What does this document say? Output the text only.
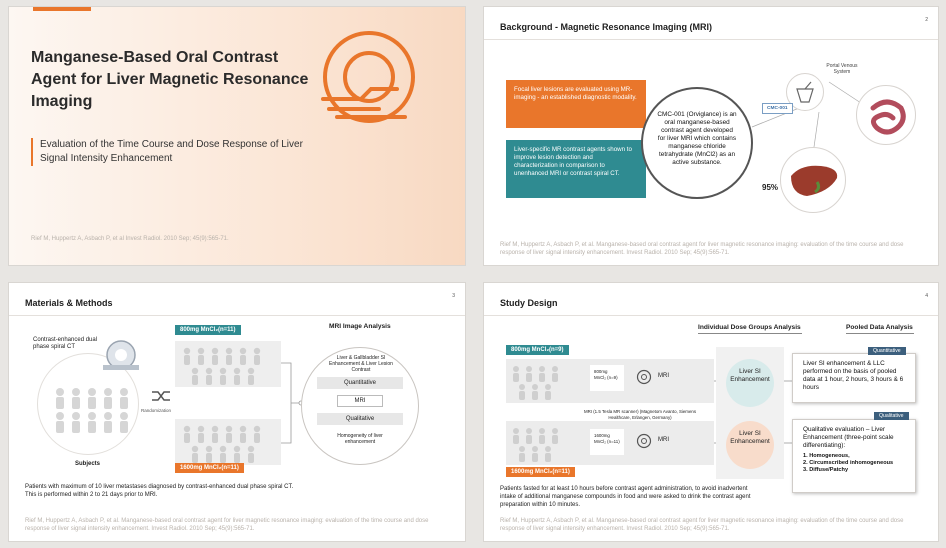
Manganese-Based Oral Contrast Agent for Liver Magnetic Resonance Imaging
Evaluation of the Time Course and Dose Response of Liver Signal Intensity Enhancement
Rief M, Huppertz A, Asbach P, et al Invest Radiol. 2010 Sep; 45(9):565-71.
Background - Magnetic Resonance Imaging (MRI)
2
Focal liver lesions are evaluated using MR-imaging - an established diagnostic modality.
Liver-specific MR contrast agents shown to improve lesion detection and characterization in comparison to unenhanced MRI or contrast spiral CT.
CMC-001 (Orviglance) is an oral manganese-based contrast agent developed for liver MRI which contains manganese chloride tetrahydrate (MnCl2) as an active substance.
CMC-001
Portal Venous System
95%
Rief M, Huppertz A, Asbach P, et al. Manganese-based oral contrast agent for liver magnetic resonance imaging: evaluation of the time course and dose response of liver signal intensity enhancement. Invest Radiol. 2010 Sep; 45(9):565-71.
Materials & Methods
3
Contrast-enhanced dual phase spiral CT
Subjects
Randomization
800mg MnCl₂(n=11)
1600mg MnCl₂(n=11)
MRI Image Analysis
Liver & Gallbladder SI Enhancement & Liver Lesion Contrast
Quantitative
MRI
Qualitative
Homogeneity of liver enhancement
Patients with maximum of 10 liver metastases diagnosed by contrast-enhanced dual phase spiral CT. This is performed within 2 to 21 days prior to MRI.
Rief M, Huppertz A, Asbach P, et al. Manganese-based oral contrast agent for liver magnetic resonance imaging: evaluation of the time course and dose response of liver signal intensity enhancement. Invest Radiol. 2010 Sep; 45(9):565-71.
Study Design
4
Individual Dose Groups Analysis	Pooled Data Analysis
800mg MnCl₂(n=9)
800mg MnCl₂ (n=9)	MRI
MRI (1.5 Tesla MR scanner) (Magnetom Avanto, Siemens Healthcare, Erlangen, Germany)
1600mg MnCl₂ (n=11)	MRI
1600mg MnCl₂(n=11)
Liver SI Enhancement
Liver SI Enhancement
Liver SI enhancement & LLC performed on the basis of pooled data at 1 hour, 2 hours, 3 hours & 6 hours
Quantitative
Qualitative evaluation – Liver Enhancement (three-point scale differentiating):
1. Homogeneous,
2. Circumscribed inhomogeneous
3. Diffuse/Patchy
Qualitative
Patients fasted for at least 10 hours before contrast agent administration, to avoid inadvertent intake of additional manganese compounds in food and were asked to drink the contrast agent preparation within 10 minutes.
Rief M, Huppertz A, Asbach P, et al. Manganese-based oral contrast agent for liver magnetic resonance imaging: evaluation of the time course and dose response of liver signal intensity enhancement. Invest Radiol. 2010 Sep; 45(9):565-71.
